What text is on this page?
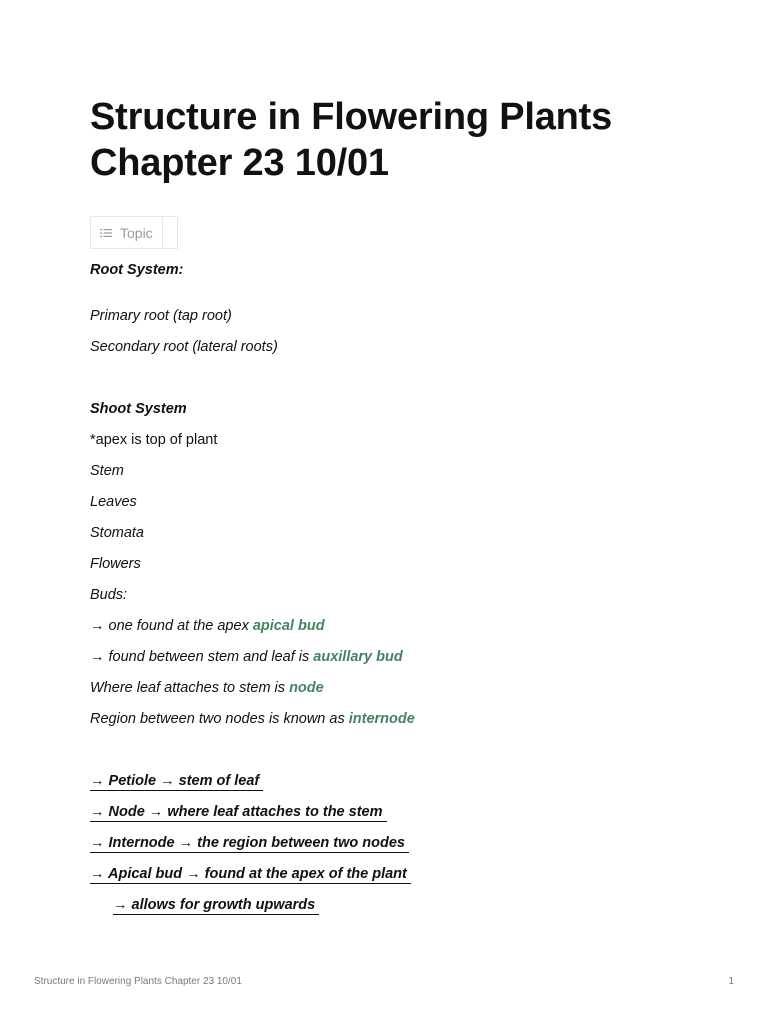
Structure in Flowering Plants
Chapter 23 10/01
Topic
Root System:
Primary root (tap root)
Secondary root (lateral roots)
Shoot System
*apex is top of plant
Stem
Leaves
Stomata
Flowers
Buds:
→ one found at the apex apical bud
→ found between stem and leaf is auxillary bud
Where leaf attaches to stem is node
Region between two nodes is known as internode
→ Petiole → stem of leaf
→ Node → where leaf attaches to the stem
→ Internode → the region between two nodes
→ Apical bud → found at the apex of the plant
→ allows for growth upwards
Structure in Flowering Plants Chapter 23 10/01	1
